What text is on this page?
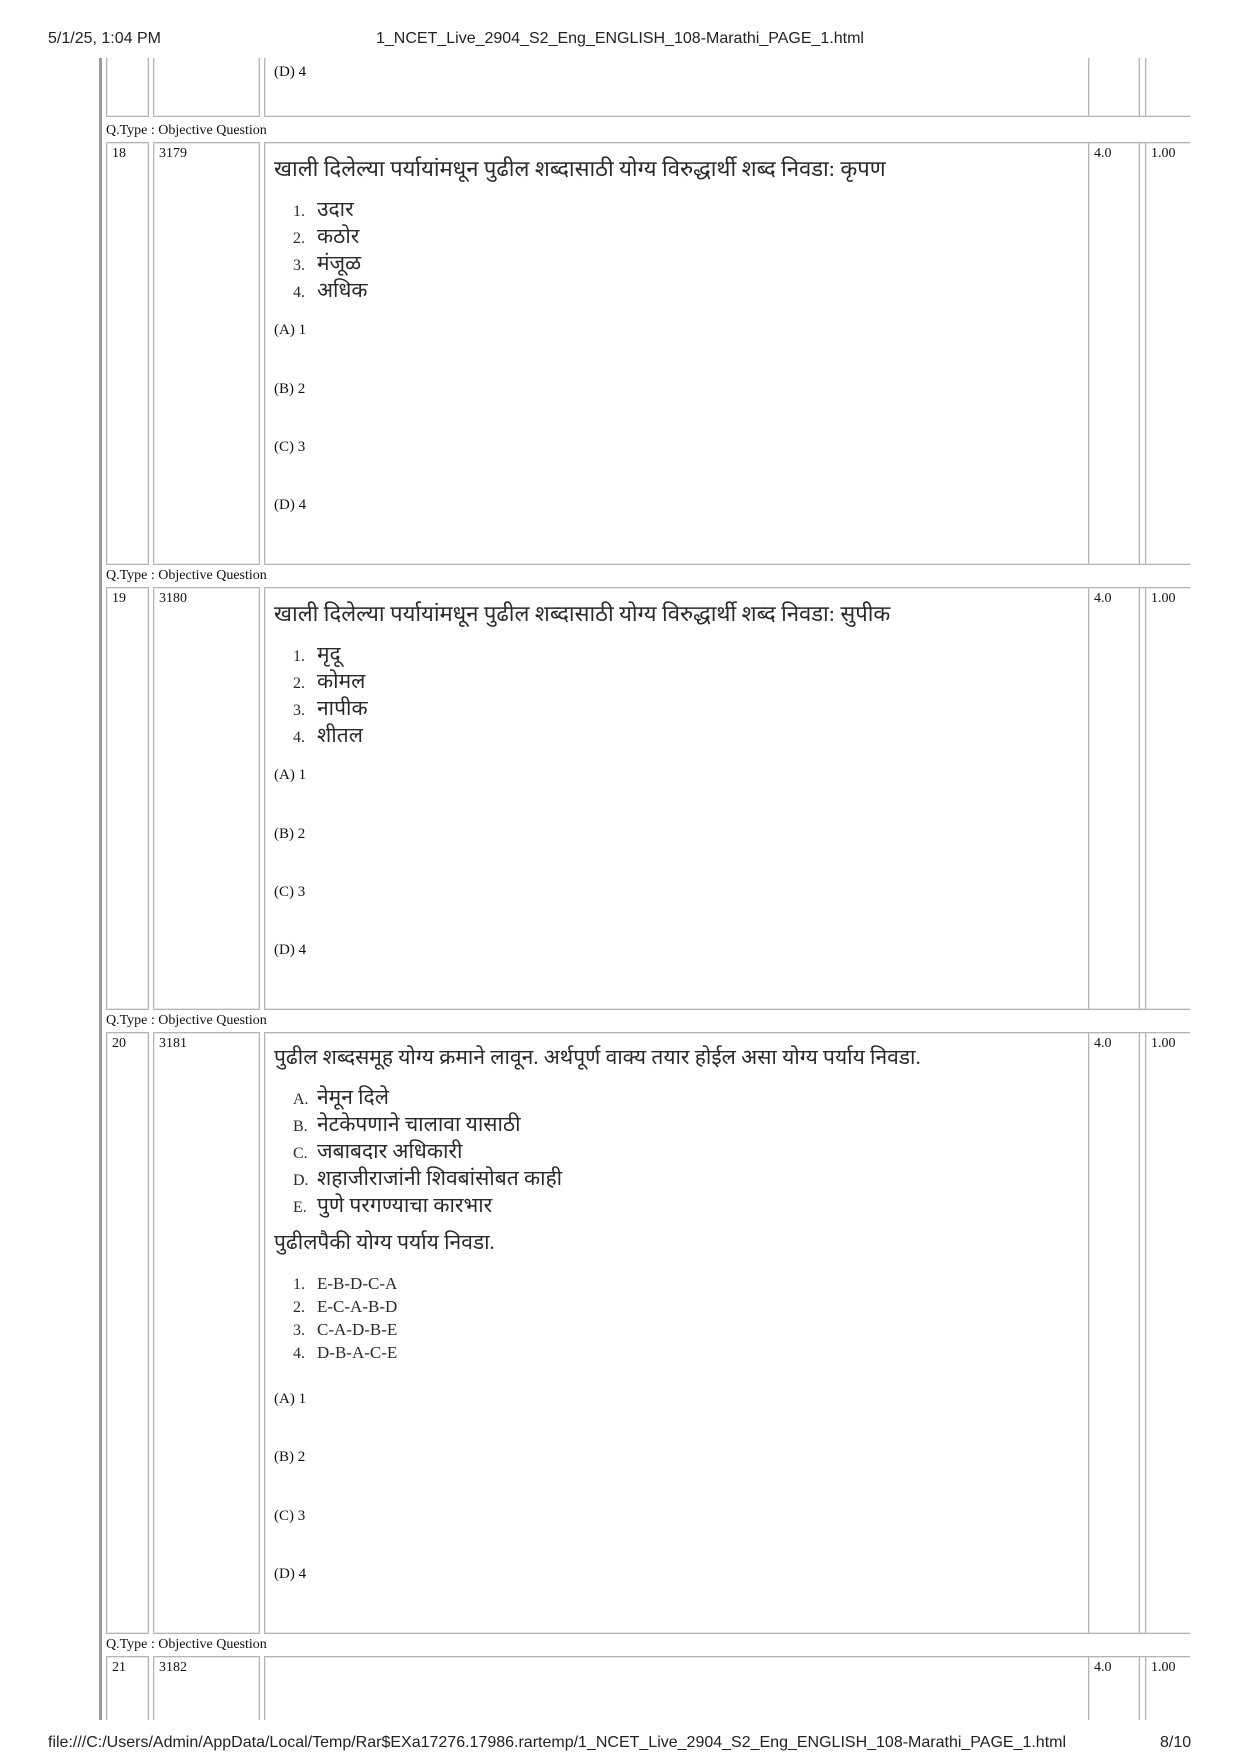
5/1/25, 1:04 PM	1_NCET_Live_2904_S2_Eng_ENGLISH_108-Marathi_PAGE_1.html
(D) 4
Q.Type : Objective Question
18 3179
खाली दिलेल्या पर्यायांमधून पुढील शब्दासाठी योग्य विरुद्धार्थी शब्द निवडा: कृपण
1. उदार
2. कठोर
3. मंजूळ
4. अधिक
(A) 1
(B) 2
(C) 3
(D) 4
4.0	1.00
Q.Type : Objective Question
19 3180
खाली दिलेल्या पर्यायांमधून पुढील शब्दासाठी योग्य विरुद्धार्थी शब्द निवडा: सुपीक
1. मृदू
2. कोमल
3. नापीक
4. शीतल
(A) 1
(B) 2
(C) 3
(D) 4
4.0	1.00
Q.Type : Objective Question
20 3181
पुढील शब्दसमूह योग्य क्रमाने लावून. अर्थपूर्ण वाक्य तयार होईल असा योग्य पर्याय निवडा.
A. नेमून दिले
B. नेटकेपणाने चालावा यासाठी
C. जबाबदार अधिकारी
D. शहाजीराजांनी शिवबांसोबत काही
E. पुणे परगण्याचा कारभार
पुढीलपैकी योग्य पर्याय निवडा.
1. E-B-D-C-A
2. E-C-A-B-D
3. C-A-D-B-E
4. D-B-A-C-E
(A) 1
(B) 2
(C) 3
(D) 4
4.0	1.00
Q.Type : Objective Question
21 3182	4.0	1.00
file:///C:/Users/Admin/AppData/Local/Temp/Rar$EXa17276.17986.rartemp/1_NCET_Live_2904_S2_Eng_ENGLISH_108-Marathi_PAGE_1.html	8/10
